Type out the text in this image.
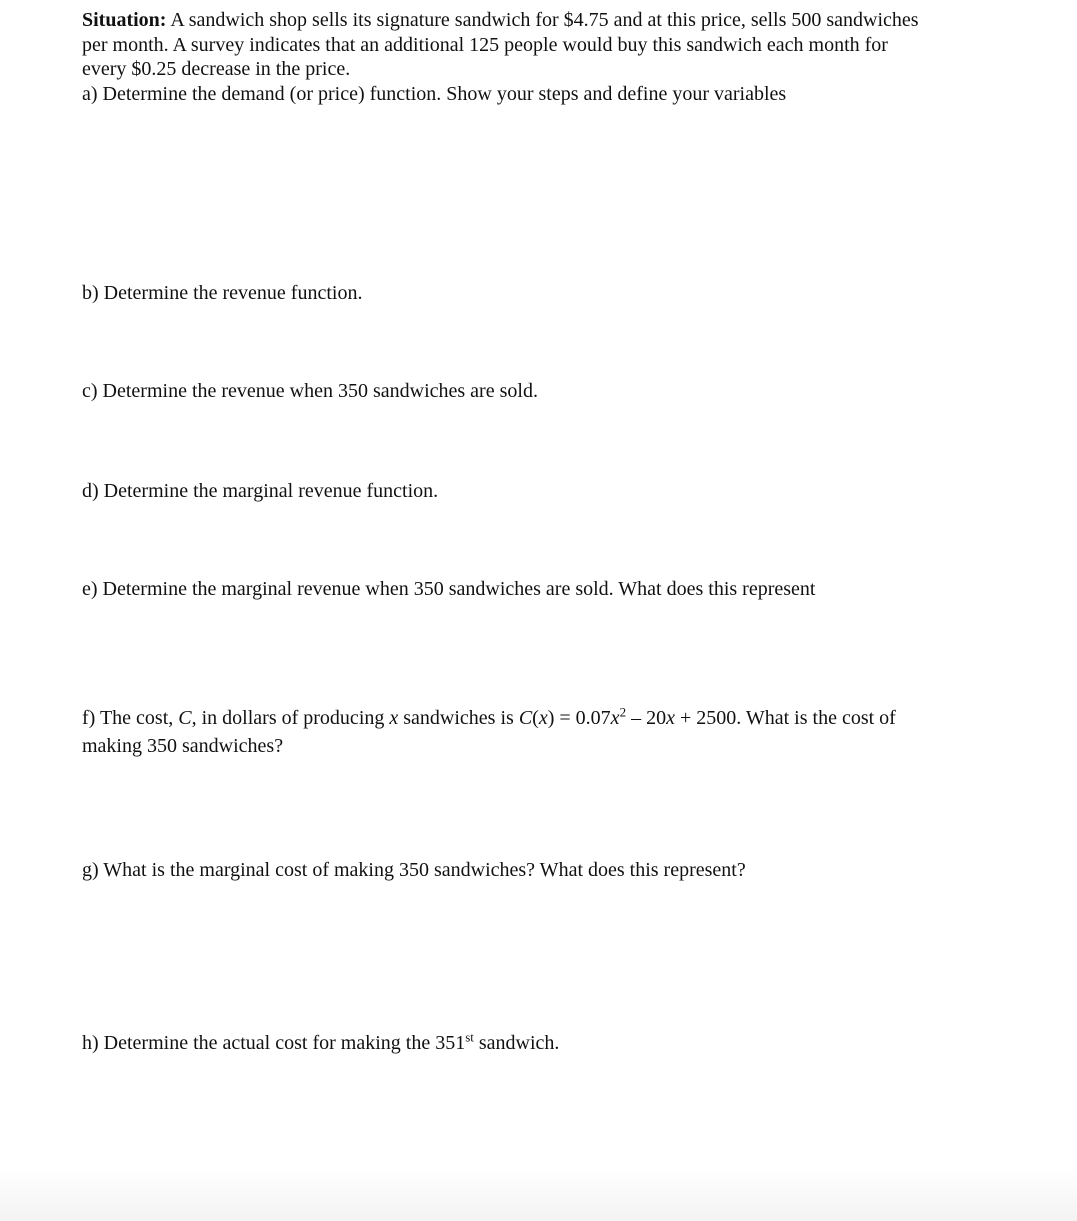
Situation: A sandwich shop sells its signature sandwich for $4.75 and at this price, sells 500 sandwiches

per month. A survey indicates that an additional 125 people would buy this sandwich each month for

every $0.25 decrease in the price.

a) Determine the demand (or price) function. Show your steps and define your variables

b) Determine the revenue function.

c) Determine the revenue when 350 sandwiches are sold.

d) Determine the marginal revenue function.

e) Determine the marginal revenue when 350 sandwiches are sold. What does this represent

f) The cost, C, in dollars of producing x sandwiches is $C(x) = 0.07x^2 - 20x + 2500$. What is the cost of
making 350 sandwiches?

g) What is the marginal cost of making 350 sandwiches? What does this represent?

h) Determine the actual cost for making the 351st sandwich.
